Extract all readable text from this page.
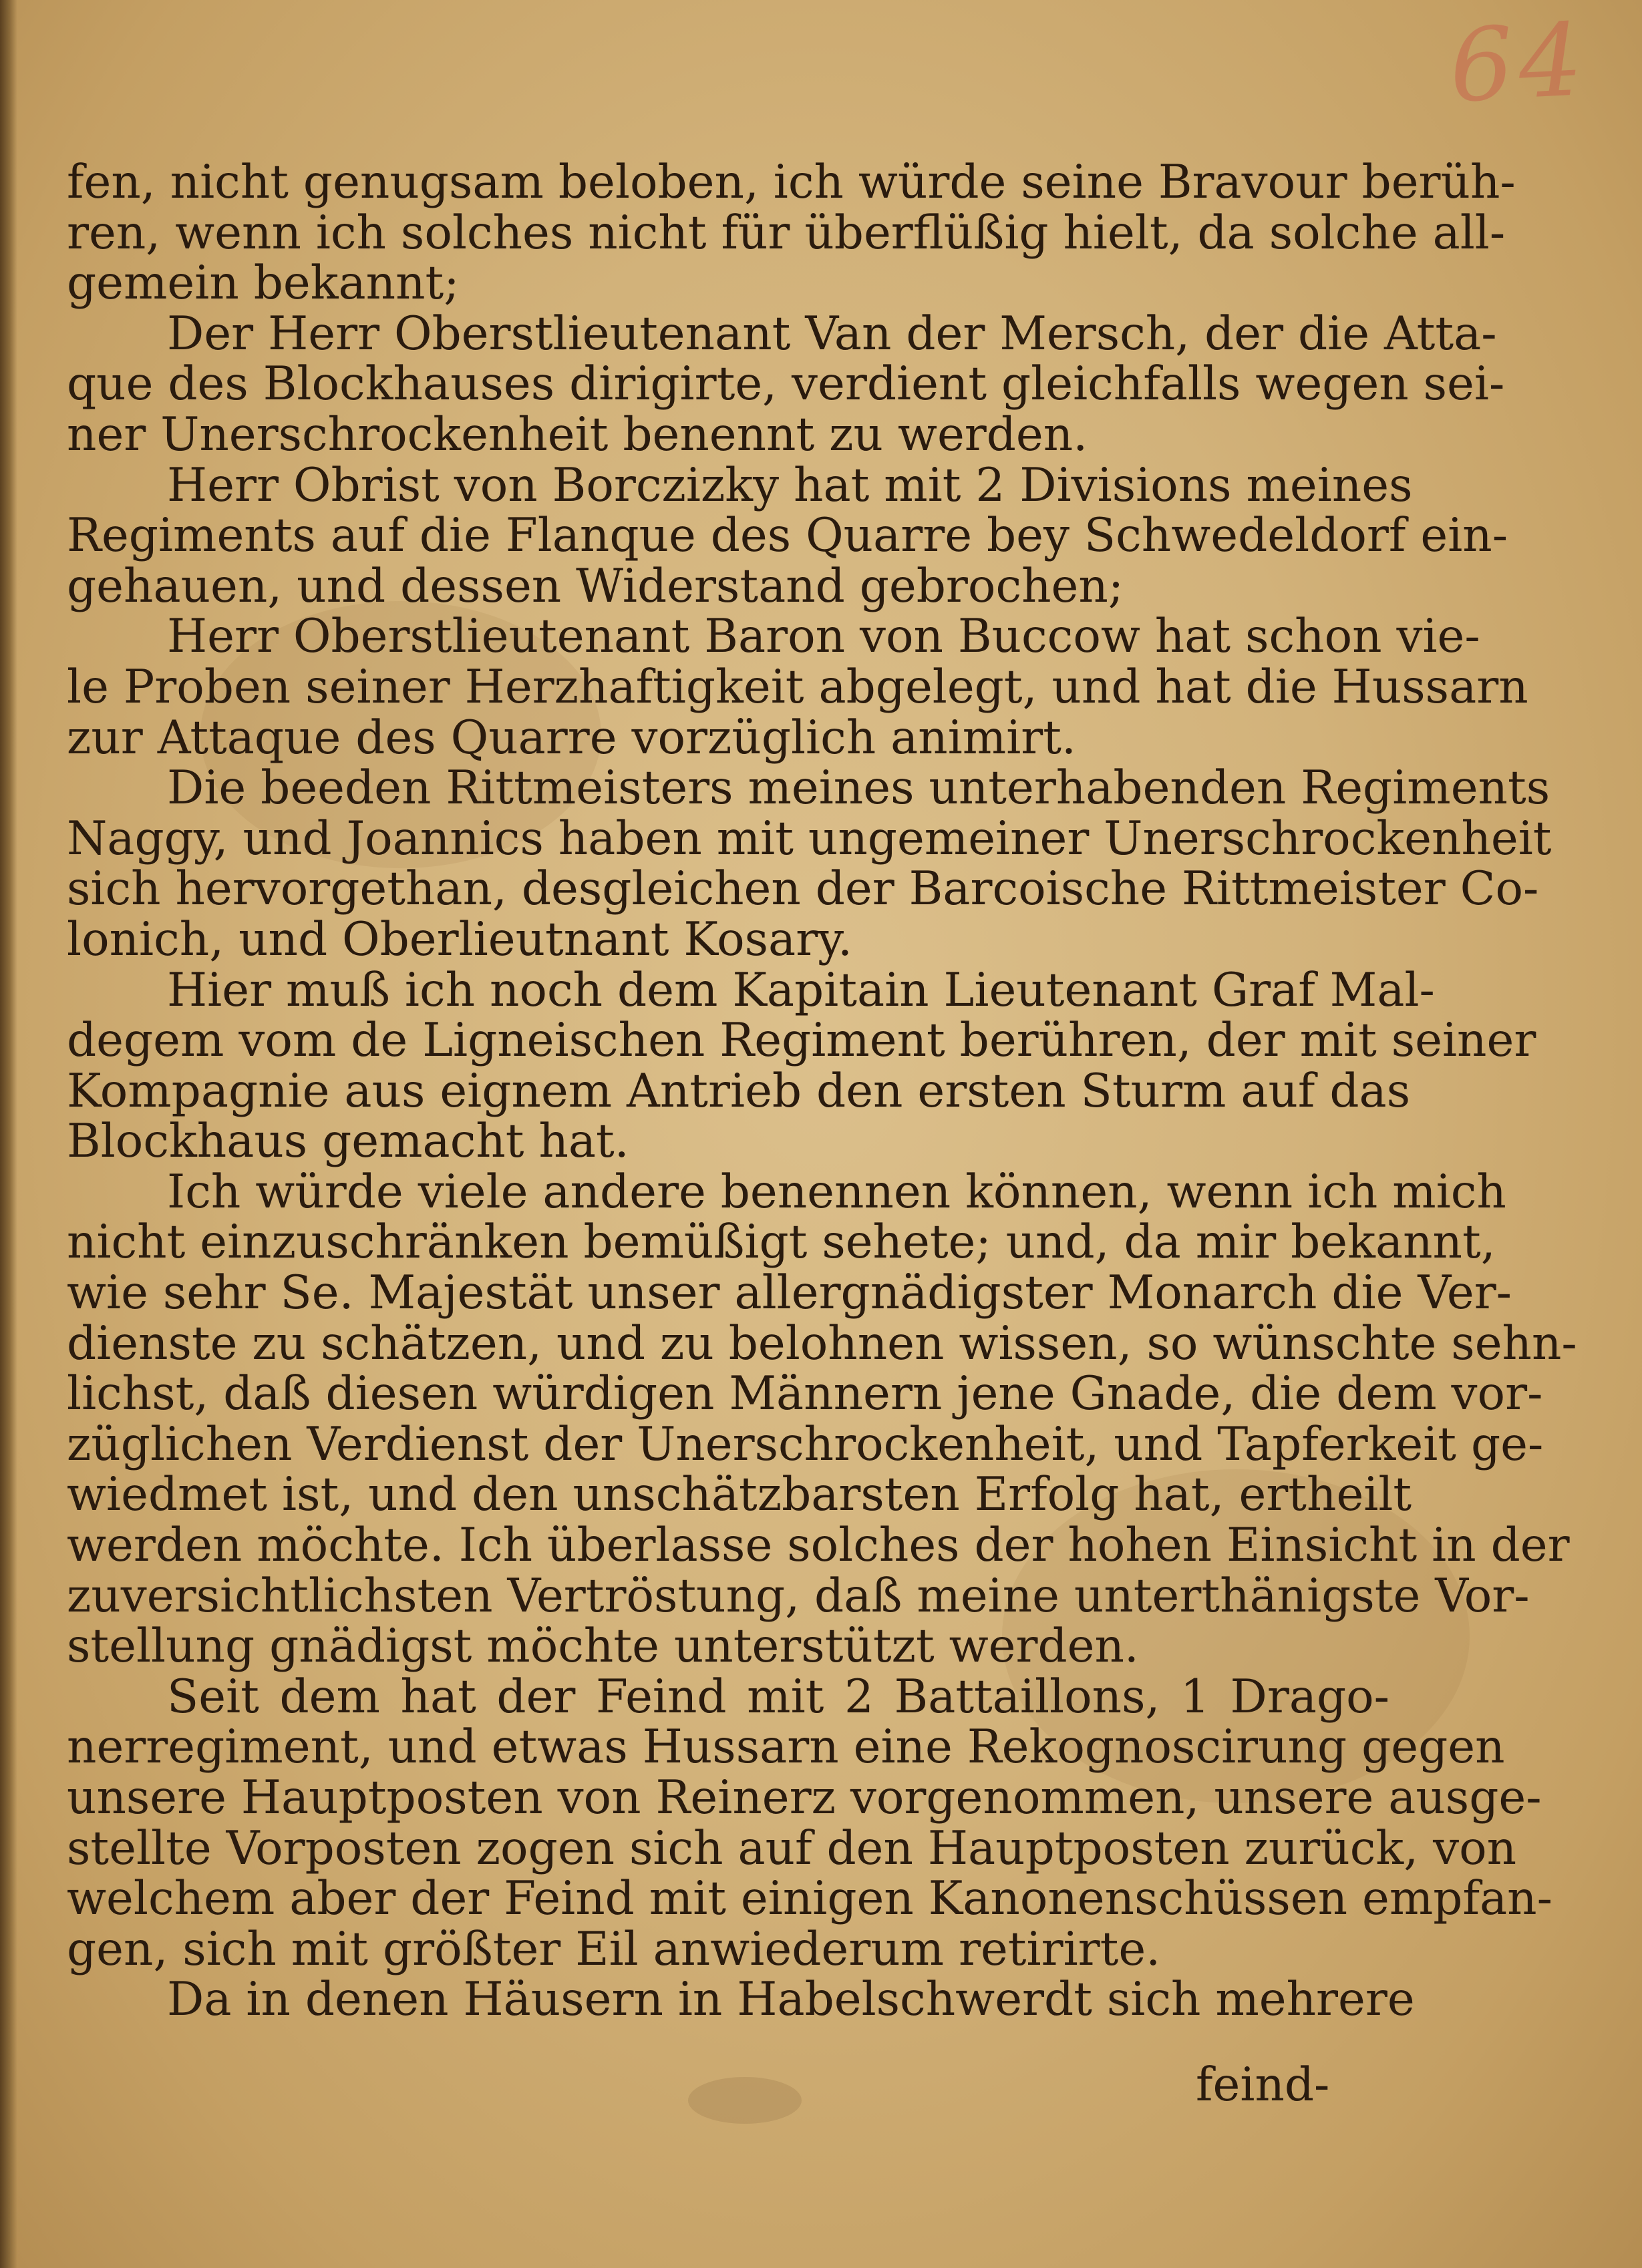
64
fen, nicht genugsam beloben, ich würde seine Bravour berüh-
ren, wenn ich solches nicht für überflüßig hielt, da solche all-
gemein bekannt;
Der Herr Oberstlieutenant Van der Mersch, der die Atta-
que des Blockhauses dirigirte, verdient gleichfalls wegen sei-
ner Unerschrockenheit benennt zu werden.
Herr Obrist von Borczizky hat mit 2 Divisions meines
Regiments auf die Flanque des Quarre bey Schwedeldorf ein-
gehauen, und dessen Widerstand gebrochen;
Herr Oberstlieutenant Baron von Buccow hat schon vie-
le Proben seiner Herzhaftigkeit abgelegt, und hat die Hussarn
zur Attaque des Quarre vorzüglich animirt.
Die beeden Rittmeisters meines unterhabenden Regiments
Naggy, und Joannics haben mit ungemeiner Unerschrockenheit
sich hervorgethan, desgleichen der Barcoische Rittmeister Co-
lonich, und Oberlieutnant Kosary.
Hier muß ich noch dem Kapitain Lieutenant Graf Mal-
degem vom de Ligneischen Regiment berühren, der mit seiner
Kompagnie aus eignem Antrieb den ersten Sturm auf das
Blockhaus gemacht hat.
Ich würde viele andere benennen können, wenn ich mich
nicht einzuschränken bemüßigt sehete; und, da mir bekannt,
wie sehr Se. Majestät unser allergnädigster Monarch die Ver-
dienste zu schätzen, und zu belohnen wissen, so wünschte sehn-
lichst, daß diesen würdigen Männern jene Gnade, die dem vor-
züglichen Verdienst der Unerschrockenheit, und Tapferkeit ge-
wiedmet ist, und den unschätzbarsten Erfolg hat, ertheilt
werden möchte. Ich überlasse solches der hohen Einsicht in der
zuversichtlichsten Vertröstung, daß meine unterthänigste Vor-
stellung gnädigst möchte unterstützt werden.
Seit dem hat der Feind mit 2 Battaillons, 1 Drago-
nerregiment, und etwas Hussarn eine Rekognoscirung gegen
unsere Hauptposten von Reinerz vorgenommen, unsere ausge-
stellte Vorposten zogen sich auf den Hauptposten zurück, von
welchem aber der Feind mit einigen Kanonenschüssen empfan-
gen, sich mit größter Eil anwiederum retirirte.
Da in denen Häusern in Habelschwerdt sich mehrere
feind-
